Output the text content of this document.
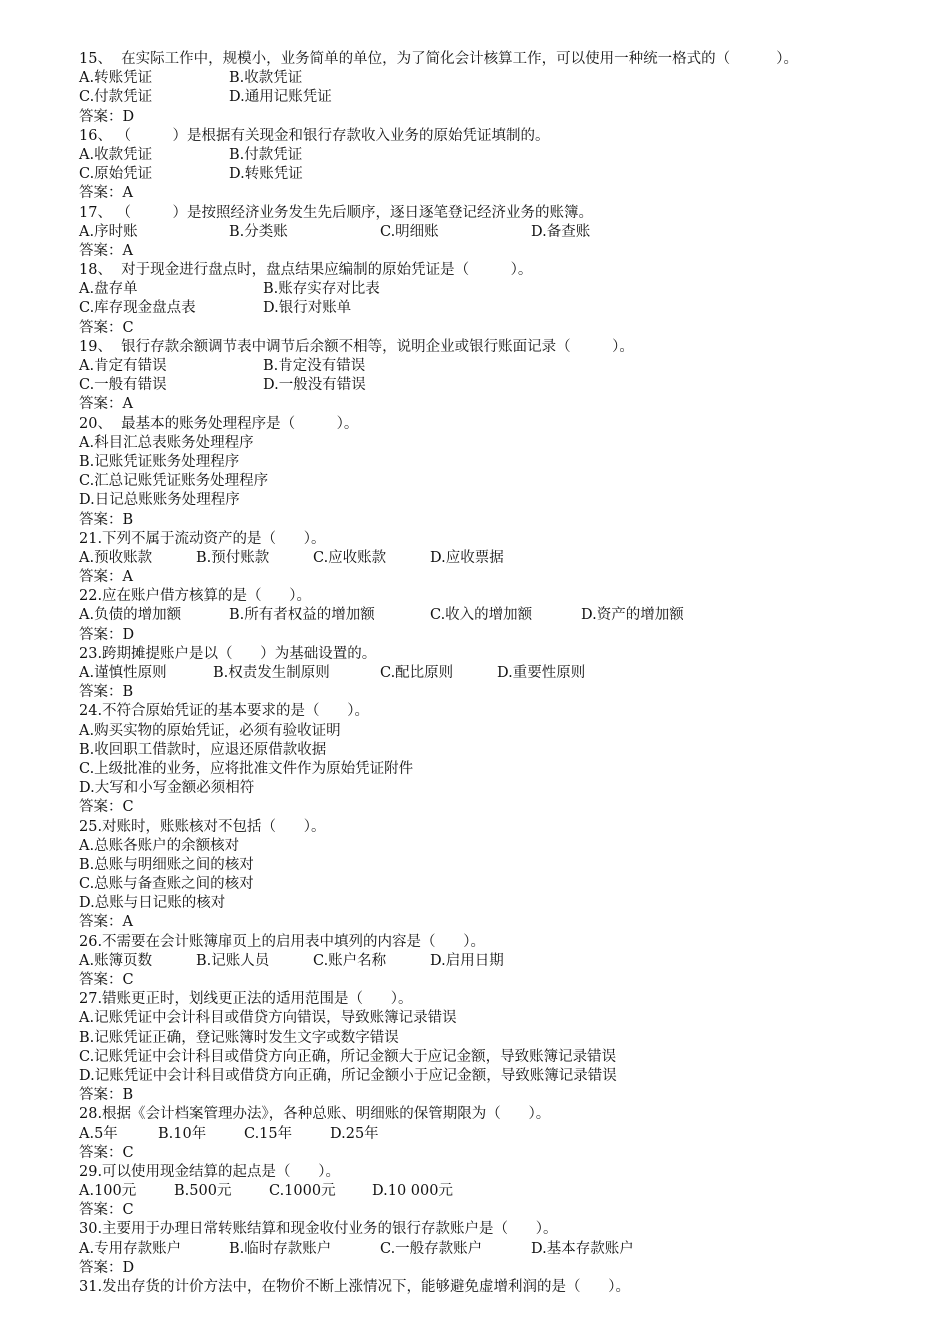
15、  在实际工作中，规模小，业务简单的单位，为了简化会计核算工作，可以使用一种统一格式的（          ）。
A.转账凭证	B.收款凭证
C.付款凭证	D.通用记账凭证
答案：D
16、 （         ）是根据有关现金和银行存款收入业务的原始凭证填制的。
A.收款凭证	B.付款凭证
C.原始凭证	D.转账凭证
答案：A
17、 （         ）是按照经济业务发生先后顺序，逐日逐笔登记经济业务的账簿。
A.序时账	B.分类账	C.明细账	D.备查账
答案：A
18、  对于现金进行盘点时，盘点结果应编制的原始凭证是（         ）。
A.盘存单	B.账存实存对比表
C.库存现金盘点表	D.银行对账单
答案：C
19、  银行存款余额调节表中调节后余额不相等，说明企业或银行账面记录（         ）。
A.肯定有错误	B.肯定没有错误
C.一般有错误	D.一般没有错误
答案：A
20、  最基本的账务处理程序是（         ）。
A.科目汇总表账务处理程序
B.记账凭证账务处理程序
C.汇总记账凭证账务处理程序
D.日记总账账务处理程序
答案：B
21.下列不属于流动资产的是（      ）。
A.预收账款	B.预付账款	C.应收账款	D.应收票据
答案：A
22.应在账户借方核算的是（      ）。
A.负债的增加额	B.所有者权益的增加额	C.收入的增加额	D.资产的增加额
答案：D
23.跨期摊提账户是以（      ）为基础设置的。
A.谨慎性原则	B.权责发生制原则	C.配比原则	D.重要性原则
答案：B
24.不符合原始凭证的基本要求的是（      ）。
A.购买实物的原始凭证，必须有验收证明
B.收回职工借款时，应退还原借款收据
C.上级批准的业务，应将批准文件作为原始凭证附件
D.大写和小写金额必须相符
答案：C
25.对账时，账账核对不包括（      ）。
A.总账各账户的余额核对
B.总账与明细账之间的核对
C.总账与备查账之间的核对
D.总账与日记账的核对
答案：A
26.不需要在会计账簿扉页上的启用表中填列的内容是（      ）。
A.账簿页数	B.记账人员	C.账户名称	D.启用日期
答案：C
27.错账更正时，划线更正法的适用范围是（      ）。
A.记账凭证中会计科目或借贷方向错误，导致账簿记录错误
B.记账凭证正确，登记账簿时发生文字或数字错误
C.记账凭证中会计科目或借贷方向正确，所记金额大于应记金额，导致账簿记录错误
D.记账凭证中会计科目或借贷方向正确，所记金额小于应记金额，导致账簿记录错误
答案：B
28.根据《会计档案管理办法》，各种总账、明细账的保管期限为（      ）。
A.5年	B.10年	C.15年	D.25年
答案：C
29.可以使用现金结算的起点是（      ）。
A.100元	B.500元	C.1000元	D.10 000元
答案：C
30.主要用于办理日常转账结算和现金收付业务的银行存款账户是（      ）。
A.专用存款账户	B.临时存款账户	C.一般存款账户	D.基本存款账户
答案：D
31.发出存货的计价方法中，在物价不断上涨情况下，能够避免虚增利润的是（      ）。
